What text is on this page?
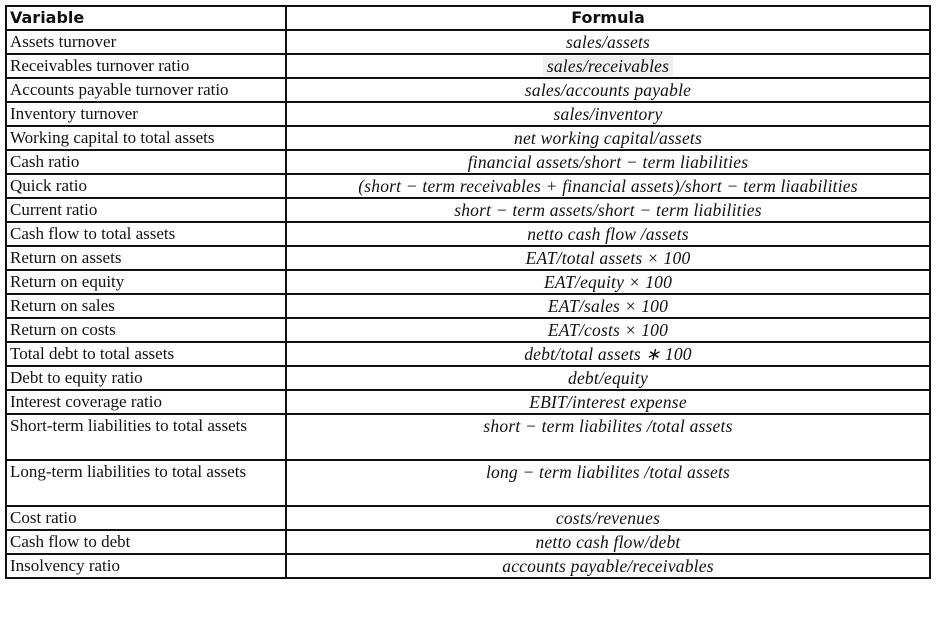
Variable	Formula
Assets turnover	sales/assets
Receivables turnover ratio	sales/receivables
Accounts payable turnover ratio	sales/accounts payable
Inventory turnover	sales/inventory
Working capital to total assets	net working capital/assets
Cash ratio	financial assets/short − term liabilities
Quick ratio	(short − term receivables + financial assets)/short − term liaabilities
Current ratio	short − term assets/short − term liabilities
Cash flow to total assets	netto cash flow /assets
Return on assets	EAT/total assets × 100
Return on equity	EAT/equity × 100
Return on sales	EAT/sales × 100
Return on costs	EAT/costs × 100
Total debt to total assets	debt/total assets ∗ 100
Debt to equity ratio	debt/equity
Interest coverage ratio	EBIT/interest expense
Short-term liabilities to total assets	short − term liabilites /total assets
Long-term liabilities to total assets	long − term liabilites /total assets
Cost ratio	costs/revenues
Cash flow to debt	netto cash flow/debt
Insolvency ratio	accounts payable/receivables
